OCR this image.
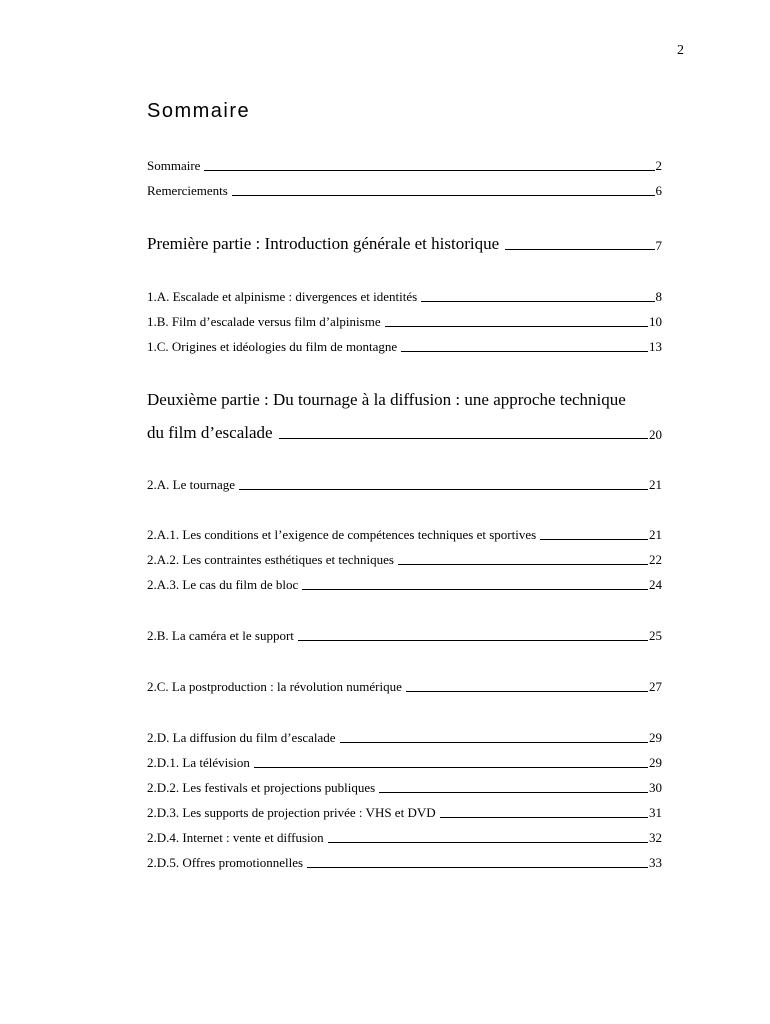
2
Sommaire
Sommaire	2
Remerciements	6
Première partie : Introduction générale et historique	7
1.A. Escalade et alpinisme : divergences et identités	8
1.B. Film d’escalade versus film d’alpinisme	10
1.C. Origines et idéologies du film de montagne	13
Deuxième partie : Du tournage à la diffusion : une approche technique
du film d’escalade	20
2.A. Le tournage	21
2.A.1. Les conditions et l’exigence de compétences techniques et sportives	21
2.A.2. Les contraintes esthétiques et techniques	22
2.A.3. Le cas du film de bloc	24
2.B. La caméra et le support	25
2.C. La postproduction : la révolution numérique	27
2.D. La diffusion du film d’escalade	29
2.D.1. La télévision	29
2.D.2. Les festivals et projections publiques	30
2.D.3. Les supports de projection privée : VHS et DVD	31
2.D.4. Internet : vente et diffusion	32
2.D.5. Offres promotionnelles	33
